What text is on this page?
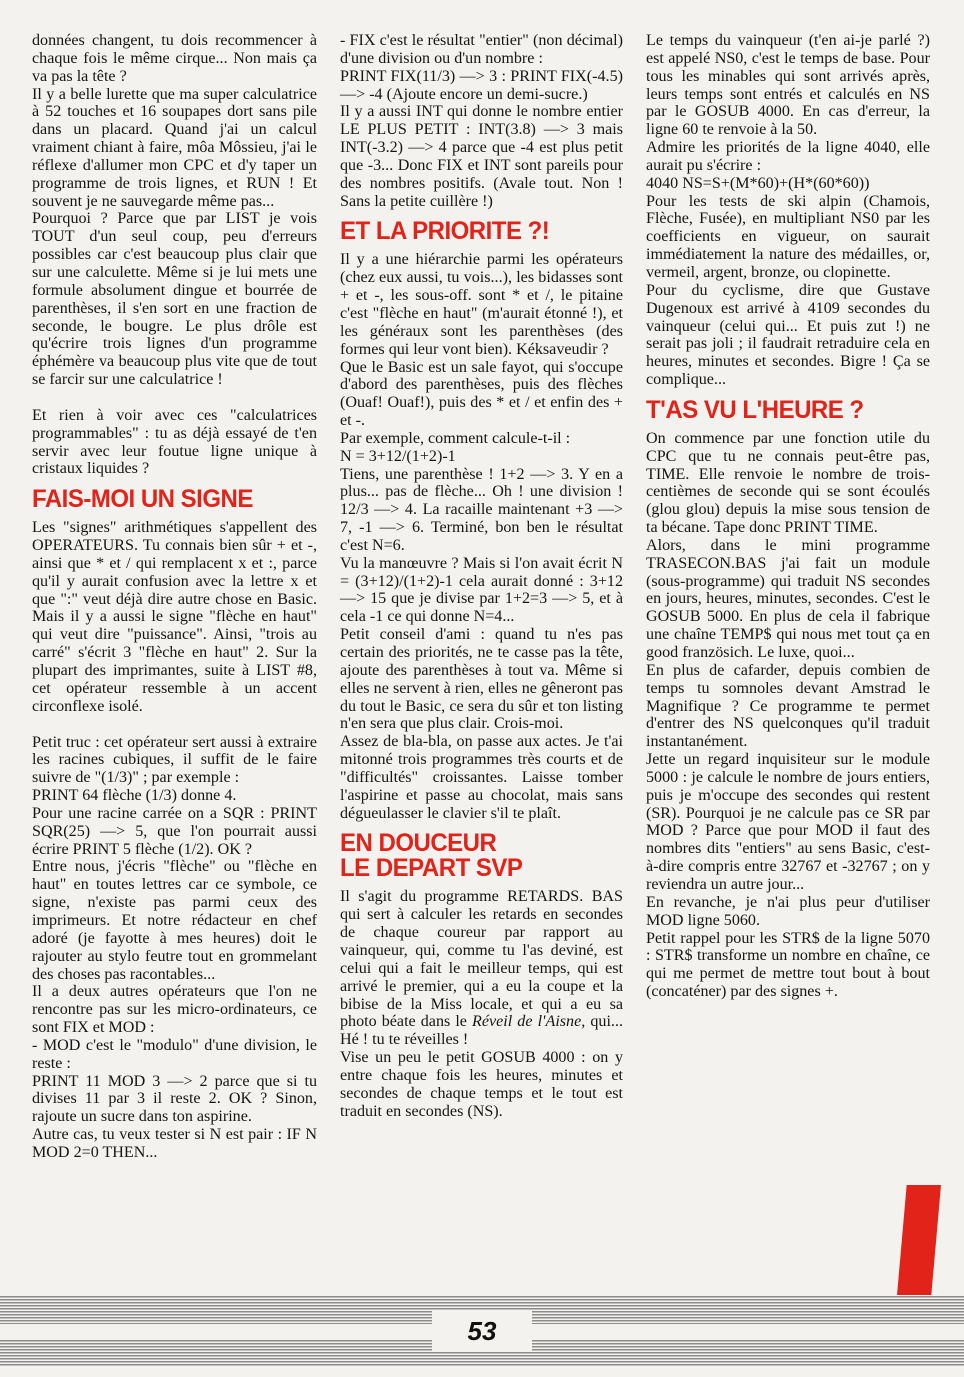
données changent, tu dois recommencer à chaque fois le même cirque... Non mais ça va pas la tête ?

Il y a belle lurette que ma super calculatrice à 52 touches et 16 soupapes dort sans pile dans un placard. Quand j'ai un calcul vraiment chiant à faire, môa Môssieu, j'ai le réflexe d'allumer mon CPC et d'y taper un programme de trois lignes, et RUN ! Et souvent je ne sauvegarde même pas...

Pourquoi ? Parce que par LIST je vois TOUT d'un seul coup, peu d'erreurs possibles car c'est beaucoup plus clair que sur une calculette. Même si je lui mets une formule absolument dingue et bourrée de parenthèses, il s'en sort en une fraction de seconde, le bougre. Le plus drôle est qu'écrire trois lignes d'un programme éphémère va beaucoup plus vite que de tout se farcir sur une calculatrice !

Et rien à voir avec ces "calculatrices programmables" : tu as déjà essayé de t'en servir avec leur foutue ligne unique à cristaux liquides ?

FAIS-MOI UN SIGNE

Les "signes" arithmétiques s'appellent des OPERATEURS. Tu connais bien sûr + et -, ainsi que * et / qui remplacent x et :, parce qu'il y aurait confusion avec la lettre x et que ":" veut déjà dire autre chose en Basic. Mais il y a aussi le signe "flèche en haut" qui veut dire "puissance". Ainsi, "trois au carré" s'écrit 3 "flèche en haut" 2. Sur la plupart des imprimantes, suite à LIST #8, cet opérateur ressemble à un accent circonflexe isolé.

Petit truc : cet opérateur sert aussi à extraire les racines cubiques, il suffit de le faire suivre de "(1/3)" ; par exemple :

PRINT 64 flèche (1/3) donne 4.

Pour une racine carrée on a SQR : PRINT SQR(25) —> 5, que l'on pourrait aussi écrire PRINT 5 flèche (1/2). OK ?

Entre nous, j'écris "flèche" ou "flèche en haut" en toutes lettres car ce symbole, ce signe, n'existe pas parmi ceux des imprimeurs. Et notre rédacteur en chef adoré (je fayotte à mes heures) doit le rajouter au stylo feutre tout en grommelant des choses pas racontables...

Il a deux autres opérateurs que l'on ne rencontre pas sur les micro-ordinateurs, ce sont FIX et MOD :

- MOD c'est le "modulo" d'une division, le reste :

PRINT 11 MOD 3 —> 2 parce que si tu divises 11 par 3 il reste 2. OK ? Sinon, rajoute un sucre dans ton aspirine.

Autre cas, tu veux tester si N est pair : IF N MOD 2=0 THEN...

- FIX c'est le résultat "entier" (non décimal) d'une division ou d'un nombre :

PRINT FIX(11/3) —> 3 : PRINT FIX(-4.5) —> -4 (Ajoute encore un demi-sucre.)

Il y a aussi INT qui donne le nombre entier LE PLUS PETIT : INT(3.8) —> 3 mais INT(-3.2) —> 4 parce que -4 est plus petit que -3... Donc FIX et INT sont pareils pour des nombres positifs. (Avale tout. Non ! Sans la petite cuillère !)

ET LA PRIORITE ?!

Il y a une hiérarchie parmi les opérateurs (chez eux aussi, tu vois...), les bidasses sont + et -, les sous-off. sont * et /, le pitaine c'est "flèche en haut" (m'aurait étonné !), et les généraux sont les parenthèses (des formes qui leur vont bien). Kéksaveudir ?

Que le Basic est un sale fayot, qui s'occupe d'abord des parenthèses, puis des flèches (Ouaf! Ouaf!), puis des * et / et enfin des + et -.

Par exemple, comment calcule-t-il :

N = 3+12/(1+2)-1

Tiens, une parenthèse ! 1+2 —> 3. Y en a plus... pas de flèche... Oh ! une division ! 12/3 —> 4. La racaille maintenant +3 —> 7, -1 —> 6. Terminé, bon ben le résultat c'est N=6.

Vu la manœuvre ? Mais si l'on avait écrit N = (3+12)/(1+2)-1 cela aurait donné : 3+12 —> 15 que je divise par 1+2=3 —> 5, et à cela -1 ce qui donne N=4...

Petit conseil d'ami : quand tu n'es pas certain des priorités, ne te casse pas la tête, ajoute des parenthèses à tout va. Même si elles ne servent à rien, elles ne gêneront pas du tout le Basic, ce sera du sûr et ton listing n'en sera que plus clair. Crois-moi.

Assez de bla-bla, on passe aux actes. Je t'ai mitonné trois programmes très courts et de "difficultés" croissantes. Laisse tomber l'aspirine et passe au chocolat, mais sans dégueulasser le clavier s'il te plaît.

EN DOUCEUR
LE DEPART SVP

Il s'agit du programme RETARDS. BAS qui sert à calculer les retards en secondes de chaque coureur par rapport au vainqueur, qui, comme tu l'as deviné, est celui qui a fait le meilleur temps, qui est arrivé le premier, qui a eu la coupe et la bibise de la Miss locale, et qui a eu sa photo béate dans le Réveil de l'Aisne, qui... Hé ! tu te réveilles !

Vise un peu le petit GOSUB 4000 : on y entre chaque fois les heures, minutes et secondes de chaque temps et le tout est traduit en secondes (NS).

Le temps du vainqueur (t'en ai-je parlé ?) est appelé NS0, c'est le temps de base. Pour tous les minables qui sont arrivés après, leurs temps sont entrés et calculés en NS par le GOSUB 4000. En cas d'erreur, la ligne 60 te renvoie à la 50.

Admire les priorités de la ligne 4040, elle aurait pu s'écrire :

4040 NS=S+(M*60)+(H*(60*60))

Pour les tests de ski alpin (Chamois, Flèche, Fusée), en multipliant NS0 par les coefficients en vigueur, on saurait immédiatement la nature des médailles, or, vermeil, argent, bronze, ou clopinette.

Pour du cyclisme, dire que Gustave Dugenoux est arrivé à 4109 secondes du vainqueur (celui qui... Et puis zut !) ne serait pas joli ; il faudrait retraduire cela en heures, minutes et secondes. Bigre ! Ça se complique...

T'AS VU L'HEURE ?

On commence par une fonction utile du CPC que tu ne connais peut-être pas, TIME. Elle renvoie le nombre de trois-centièmes de seconde qui se sont écoulés (glou glou) depuis la mise sous tension de ta bécane. Tape donc PRINT TIME.

Alors, dans le mini programme TRASECON.BAS j'ai fait un module (sous-programme) qui traduit NS secondes en jours, heures, minutes, secondes. C'est le GOSUB 5000. En plus de cela il fabrique une chaîne TEMP$ qui nous met tout ça en good französich. Le luxe, quoi...

En plus de cafarder, depuis combien de temps tu somnoles devant Amstrad le Magnifique ? Ce programme te permet d'entrer des NS quelconques qu'il traduit instantanément.

Jette un regard inquisiteur sur le module 5000 : je calcule le nombre de jours entiers, puis je m'occupe des secondes qui restent (SR). Pourquoi je ne calcule pas ce SR par MOD ? Parce que pour MOD il faut des nombres dits "entiers" au sens Basic, c'est-à-dire compris entre 32767 et -32767 ; on y reviendra un autre jour...

En revanche, je n'ai plus peur d'utiliser MOD ligne 5060.

Petit rappel pour les STR$ de la ligne 5070 : STR$ transforme un nombre en chaîne, ce qui me permet de mettre tout bout à bout (concaténer) par des signes +.

53
